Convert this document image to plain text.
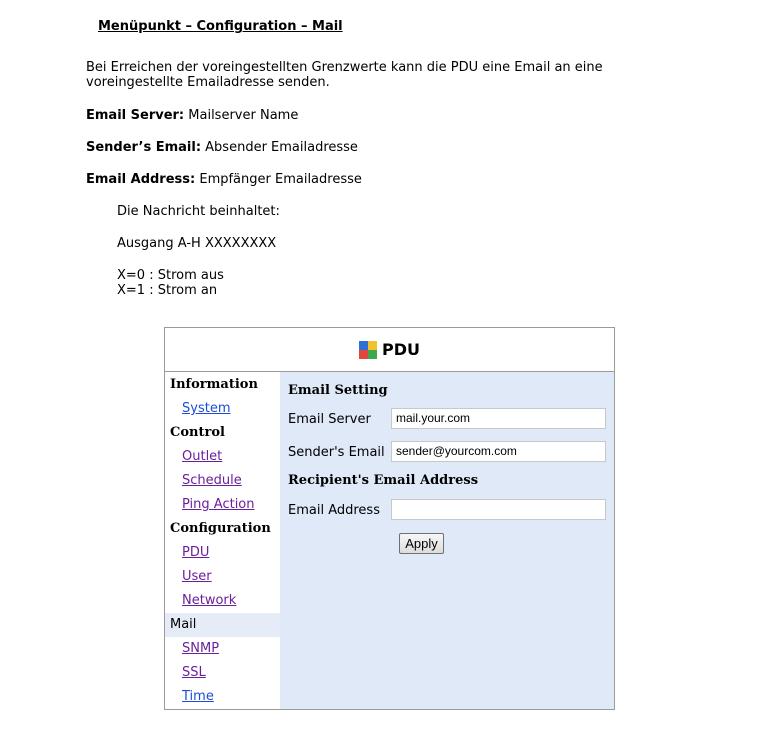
Menüpunkt – Configuration – Mail
Bei Erreichen der voreingestellten Grenzwerte kann die PDU eine Email an eine
voreingestellte Emailadresse senden.
Email Server: Mailserver Name
Sender’s Email: Absender Emailadresse
Email Address: Empfänger Emailadresse
Die Nachricht beinhaltet:
Ausgang A-H XXXXXXXX
X=0 : Strom aus
X=1 : Strom an
PDU
Information
System
Control
Outlet
Schedule
Ping Action
Configuration
PDU
User
Network
Mail
SNMP
SSL
Time
Email Setting
Email Server	mail.your.com
Sender's Email sender@yourcom.com
Recipient's Email Address
Email Address
Apply
